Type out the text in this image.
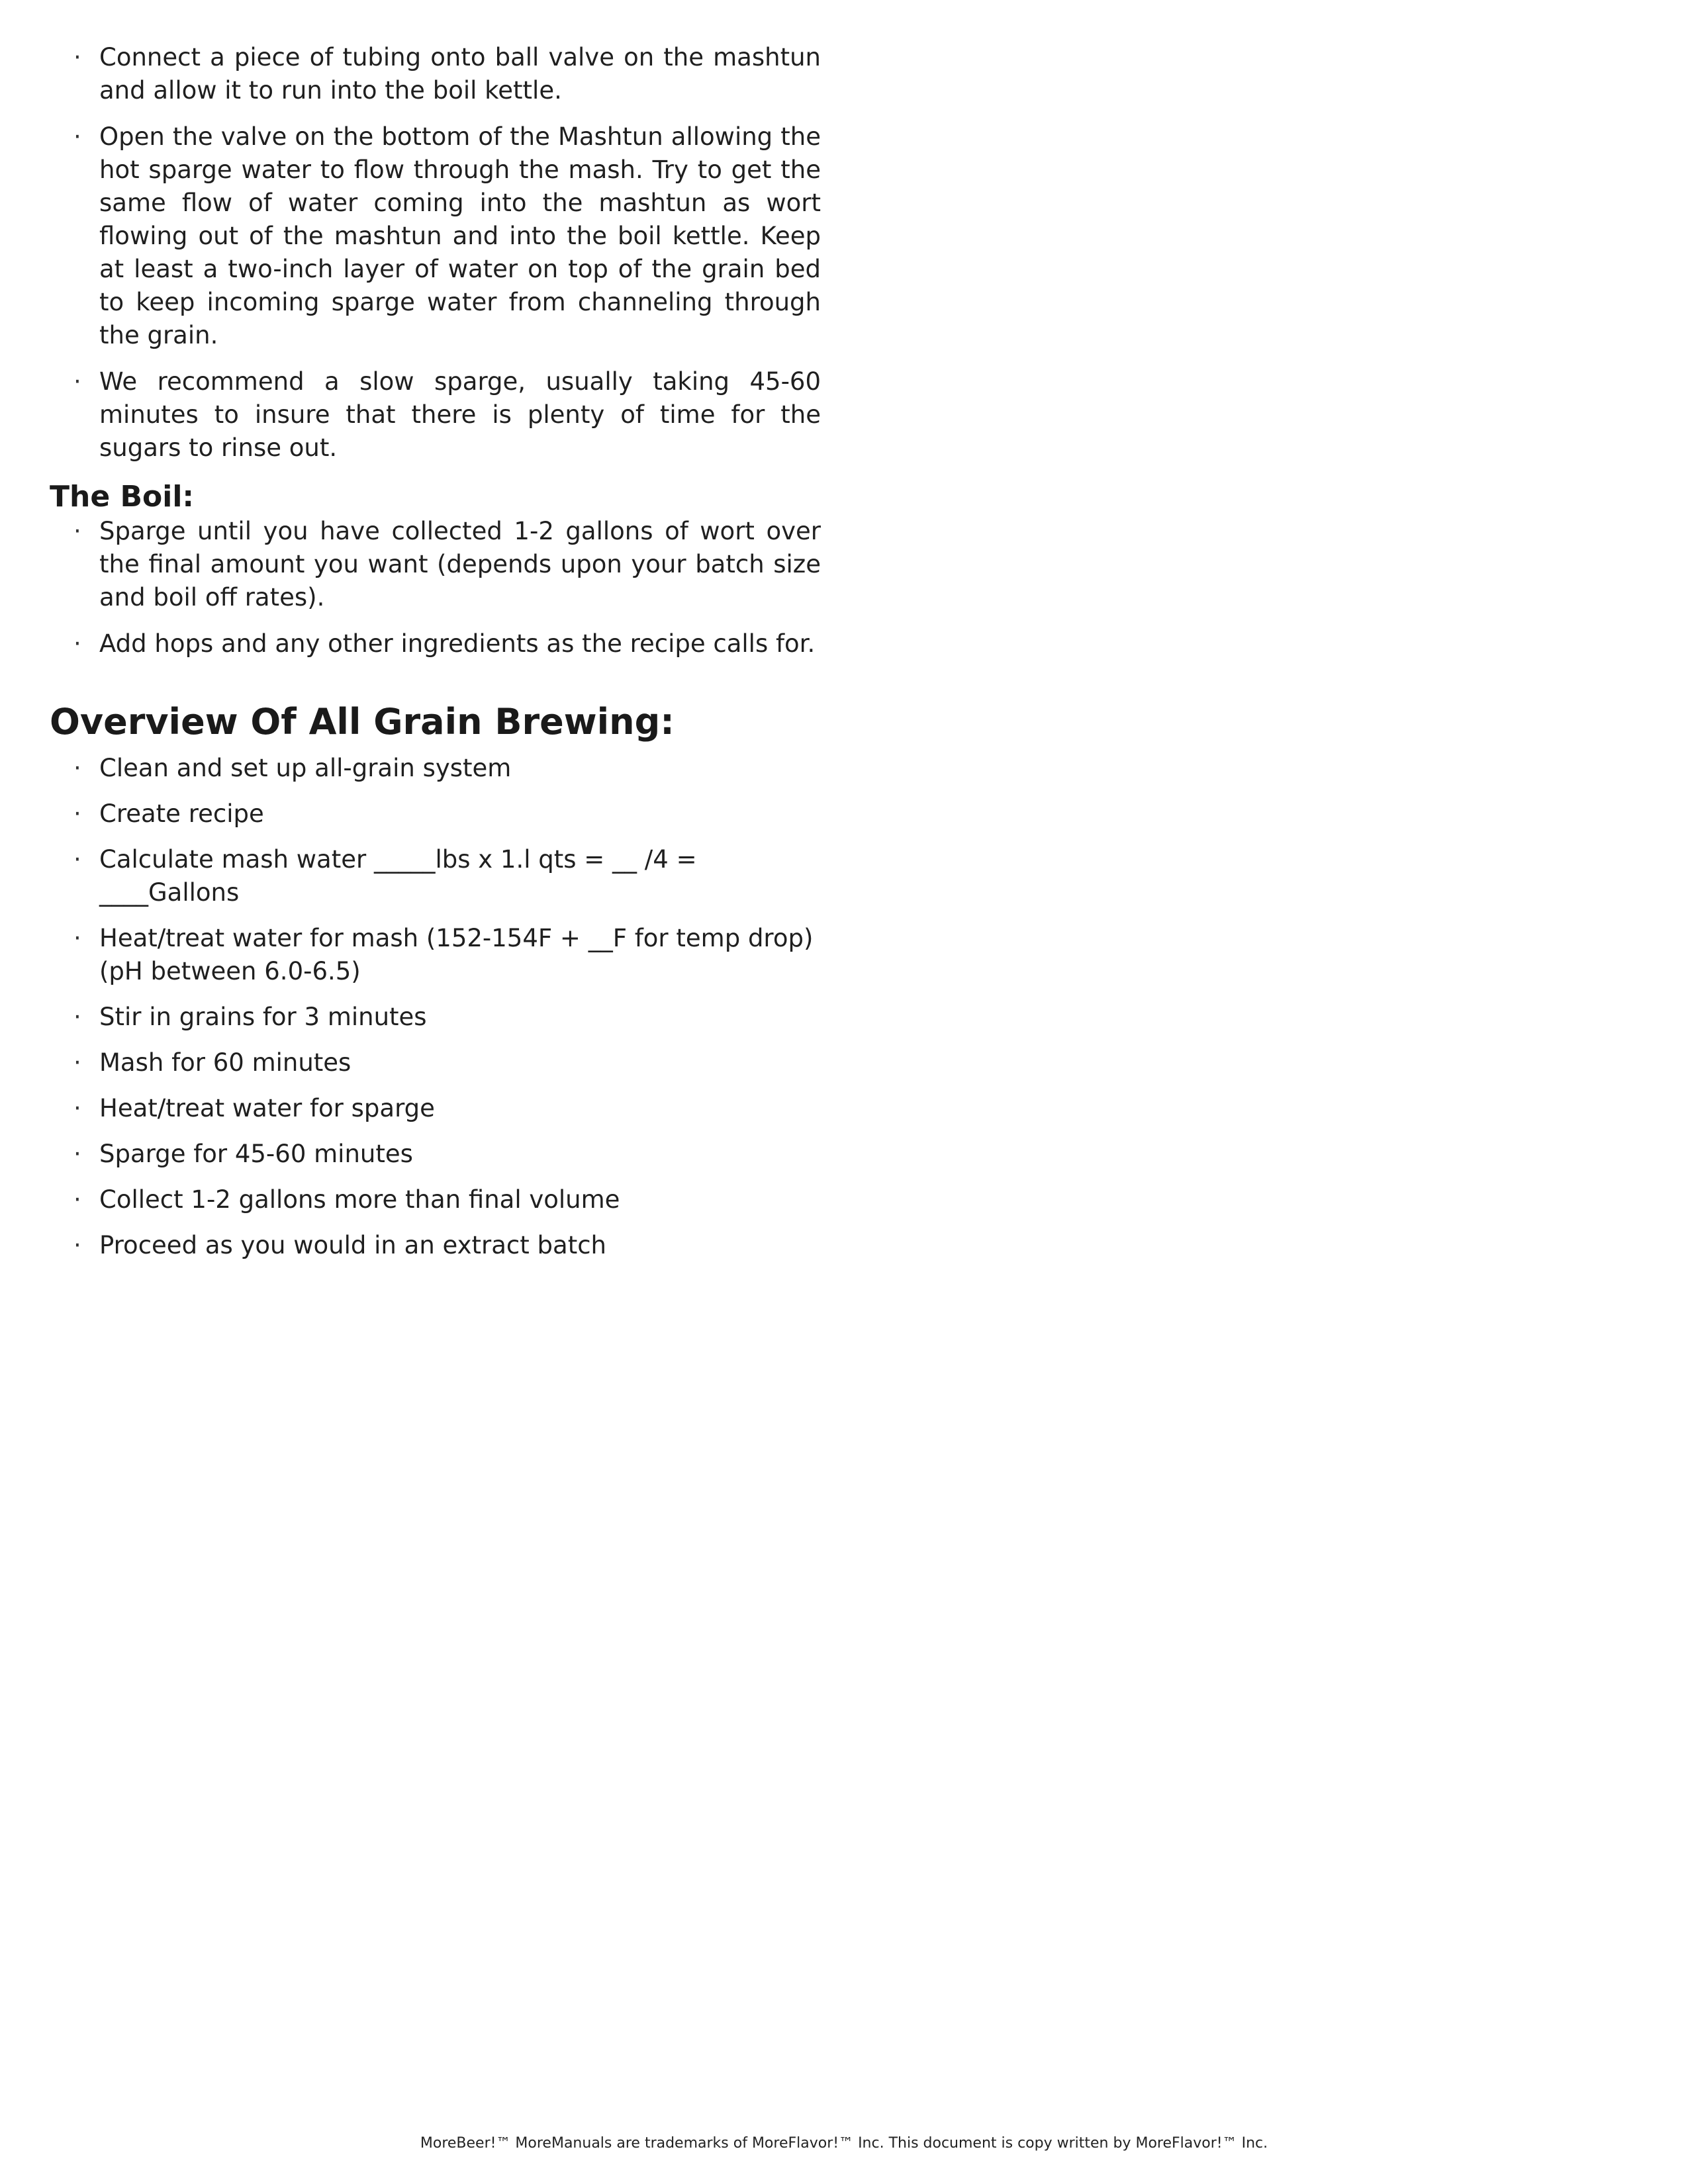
· Connect a piece of tubing onto ball valve on the mashtun and allow it to run into the boil kettle.
· Open the valve on the bottom of the Mashtun allowing the hot sparge water to flow through the mash. Try to get the same flow of water coming into the mashtun as wort flowing out of the mashtun and into the boil kettle. Keep at least a two-inch layer of water on top of the grain bed to keep incoming sparge water from channeling through the grain.
· We recommend a slow sparge, usually taking 45-60 minutes to insure that there is plenty of time for the sugars to rinse out.
The Boil:
· Sparge until you have collected 1-2 gallons of wort over the final amount you want (depends upon your batch size and boil off rates).
· Add hops and any other ingredients as the recipe calls for.
Overview Of All Grain Brewing:
· Clean and set up all-grain system
· Create recipe
· Calculate mash water _____lbs x 1.l qts = __ /4 = ____Gallons
· Heat/treat water for mash (152-154F + __F for temp drop) (pH between 6.0-6.5)
· Stir in grains for 3 minutes
· Mash for 60 minutes
· Heat/treat water for sparge
· Sparge for 45-60 minutes
· Collect 1-2 gallons more than final volume
· Proceed as you would in an extract batch
MoreBeer!™ MoreManuals are trademarks of MoreFlavor!™ Inc. This document is copy written by MoreFlavor!™ Inc.
